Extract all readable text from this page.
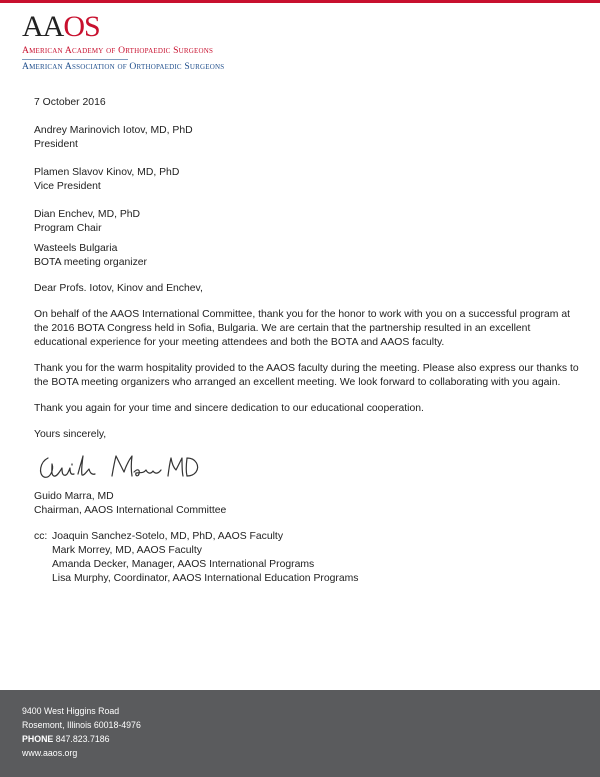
AAOS
American Academy of Orthopaedic Surgeons
American Association of Orthopaedic Surgeons

7 October 2016

Andrey Marinovich Iotov, MD, PhD

President

Plamen Slavov Kinov, MD, PhD

Vice President

Dian Enchev, MD, PhD

Program Chair

Wasteels Bulgaria

BOTA meeting organizer

Dear Profs. Iotov, Kinov and Enchev,

On behalf of the AAOS International Committee, thank you for the honor to work with you on a successful program at the 2016 BOTA Congress held in Sofia, Bulgaria. We are certain that the partnership resulted in an excellent educational experience for your meeting attendees and both the BOTA and AAOS faculty.

Thank you for the warm hospitality provided to the AAOS faculty during the meeting. Please also express our thanks to the BOTA meeting organizers who arranged an excellent meeting. We look forward to collaborating with you again.

Thank you again for your time and sincere dedication to our educational cooperation.

Yours sincerely,

Guido Marra, MD

Chairman, AAOS International Committee

cc: Joaquin Sanchez-Sotelo, MD, PhD, AAOS Faculty

Mark Morrey, MD, AAOS Faculty

Amanda Decker, Manager, AAOS International Programs

Lisa Murphy, Coordinator, AAOS International Education Programs

9400 West Higgins Road
Rosemont, Illinois 60018-4976
PHONE 847.823.7186
www.aaos.org
